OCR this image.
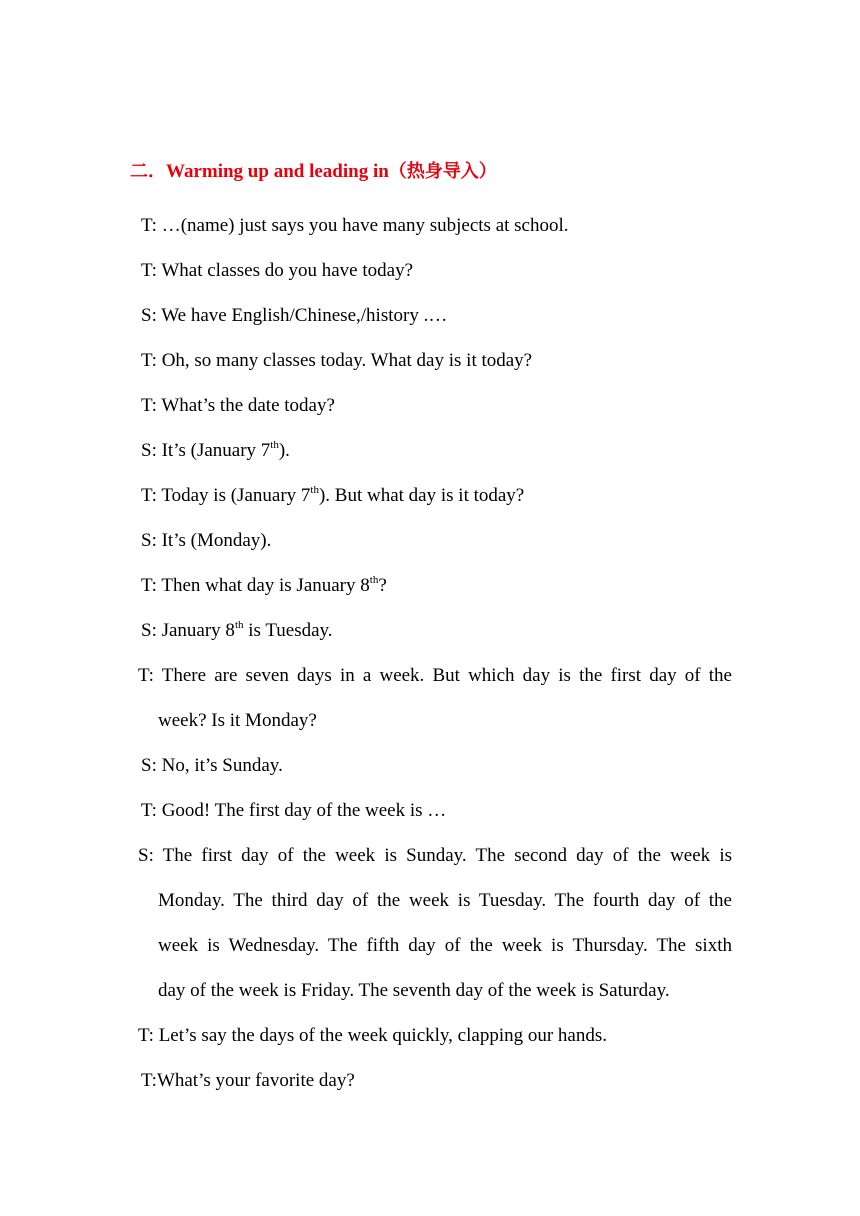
二．Warming up and leading in（热身导入）
T: …(name) just says you have many subjects at school.
T: What classes do you have today?
S: We have English/Chinese,/history .…
T: Oh, so many classes today. What day is it today?
T: What’s the date today?
S: It’s (January 7th).
T: Today is (January 7th). But what day is it today?
S: It’s (Monday).
T: Then what day is January 8th?
S: January 8th is Tuesday.
T: There are seven days in a week. But which day is the first day of the
week? Is it Monday?
S: No, it’s Sunday.
T: Good! The first day of the week is …
S: The first day of the week is Sunday. The second day of the week is
Monday. The third day of the week is Tuesday. The fourth day of the
week is Wednesday. The fifth day of the week is Thursday. The sixth
day of the week is Friday. The seventh day of the week is Saturday.
T: Let’s say the days of the week quickly, clapping our hands.
T:What’s your favorite day?
